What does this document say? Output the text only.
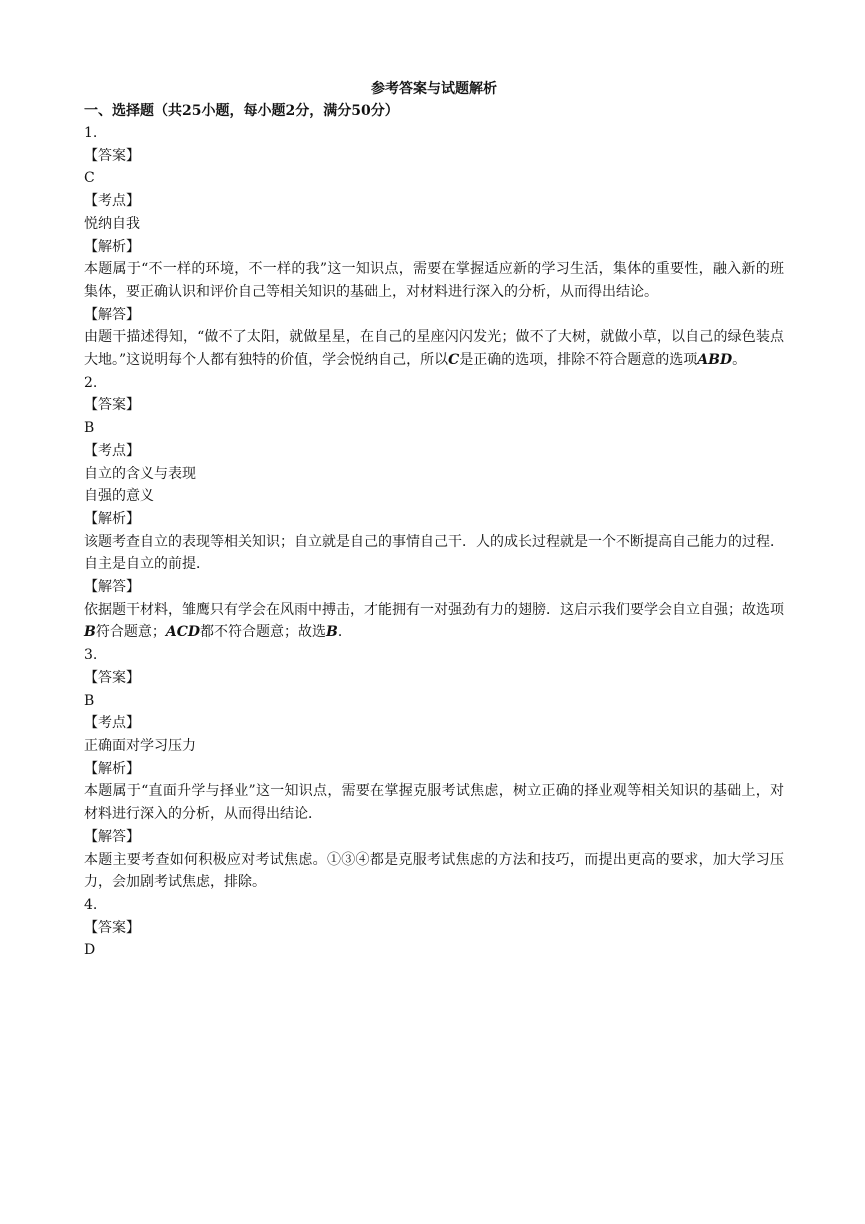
参考答案与试题解析

一、选择题（共25小题，每小题2分，满分50分）

1.

【答案】

C

【考点】

悦纳自我

【解析】

本题属于“不一样的环境，不一样的我”这一知识点，需要在掌握适应新的学习生活，集体的重要性，融入新的班集体，要正确认识和评价自己等相关知识的基础上，对材料进行深入的分析，从而得出结论。

【解答】

由题干描述得知，“做不了太阳，就做星星，在自己的星座闪闪发光；做不了大树，就做小草，以自己的绿色装点大地。”这说明每个人都有独特的价值，学会悦纳自己，所以C是正确的选项，排除不符合题意的选项ABD。

2.

【答案】

B

【考点】

自立的含义与表现

自强的意义

【解析】

该题考查自立的表现等相关知识；自立就是自己的事情自己干．人的成长过程就是一个不断提高自己能力的过程．自主是自立的前提．

【解答】

依据题干材料，雏鹰只有学会在风雨中搏击，才能拥有一对强劲有力的翅膀．这启示我们要学会自立自强；故选项B符合题意；ACD都不符合题意；故选B．

3.

【答案】

B

【考点】

正确面对学习压力

【解析】

本题属于“直面升学与择业”这一知识点，需要在掌握克服考试焦虑，树立正确的择业观等相关知识的基础上，对材料进行深入的分析，从而得出结论．

【解答】

本题主要考查如何积极应对考试焦虑。①③④都是克服考试焦虑的方法和技巧，而提出更高的要求，加大学习压力，会加剧考试焦虑，排除。

4.

【答案】

D
